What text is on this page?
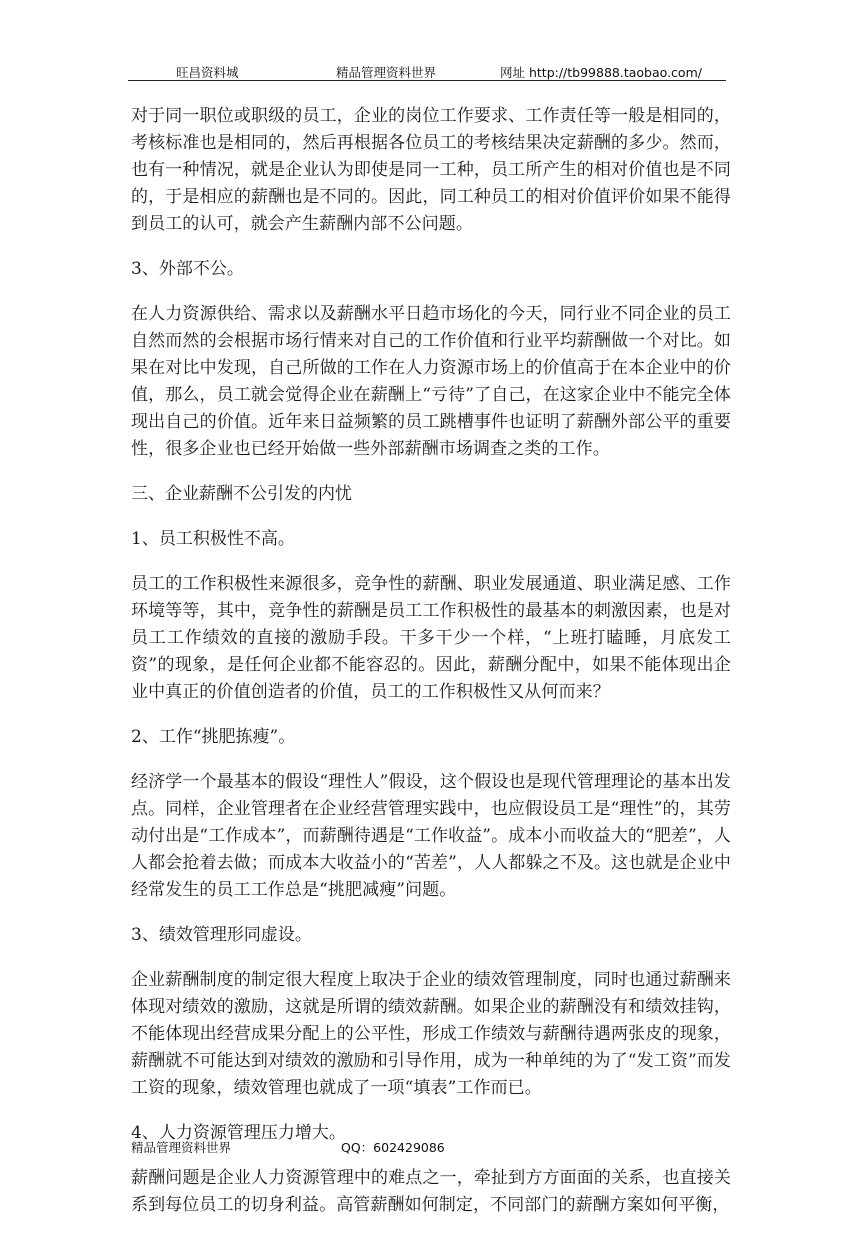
旺昌资料城	精品管理资料世界	网址 http://tb99888.taobao.com/

对于同一职位或职级的员工，企业的岗位工作要求、工作责任等一般是相同的，考核标准也是相同的，然后再根据各位员工的考核结果决定薪酬的多少。然而，也有一种情况，就是企业认为即使是同一工种，员工所产生的相对价值也是不同的，于是相应的薪酬也是不同的。因此，同工种员工的相对价值评价如果不能得到员工的认可，就会产生薪酬内部不公问题。

3、外部不公。

在人力资源供给、需求以及薪酬水平日趋市场化的今天，同行业不同企业的员工自然而然的会根据市场行情来对自己的工作价值和行业平均薪酬做一个对比。如果在对比中发现，自己所做的工作在人力资源市场上的价值高于在本企业中的价值，那么，员工就会觉得企业在薪酬上“亏待”了自己，在这家企业中不能完全体现出自己的价值。近年来日益频繁的员工跳槽事件也证明了薪酬外部公平的重要性，很多企业也已经开始做一些外部薪酬市场调查之类的工作。

三、企业薪酬不公引发的内忧

1、员工积极性不高。

员工的工作积极性来源很多，竞争性的薪酬、职业发展通道、职业满足感、工作环境等等，其中，竞争性的薪酬是员工工作积极性的最基本的刺激因素，也是对员工工作绩效的直接的激励手段。干多干少一个样，“上班打瞌睡，月底发工资”的现象，是任何企业都不能容忍的。因此，薪酬分配中，如果不能体现出企业中真正的价值创造者的价值，员工的工作积极性又从何而来？

2、工作“挑肥拣瘦”。

经济学一个最基本的假设“理性人”假设，这个假设也是现代管理理论的基本出发点。同样，企业管理者在企业经营管理实践中，也应假设员工是“理性”的，其劳动付出是“工作成本”，而薪酬待遇是“工作收益”。成本小而收益大的“肥差”，人人都会抢着去做；而成本大收益小的“苦差”，人人都躲之不及。这也就是企业中经常发生的员工工作总是“挑肥减瘦”问题。

3、绩效管理形同虚设。

企业薪酬制度的制定很大程度上取决于企业的绩效管理制度，同时也通过薪酬来体现对绩效的激励，这就是所谓的绩效薪酬。如果企业的薪酬没有和绩效挂钩，不能体现出经营成果分配上的公平性，形成工作绩效与薪酬待遇两张皮的现象，薪酬就不可能达到对绩效的激励和引导作用，成为一种单纯的为了“发工资”而发工资的现象，绩效管理也就成了一项“填表”工作而已。

4、人力资源管理压力增大。

薪酬问题是企业人力资源管理中的难点之一，牵扯到方方面面的关系，也直接关系到每位员工的切身利益。高管薪酬如何制定，不同部门的薪酬方案如何平衡，

精品管理资料世界	QQ：602429086
